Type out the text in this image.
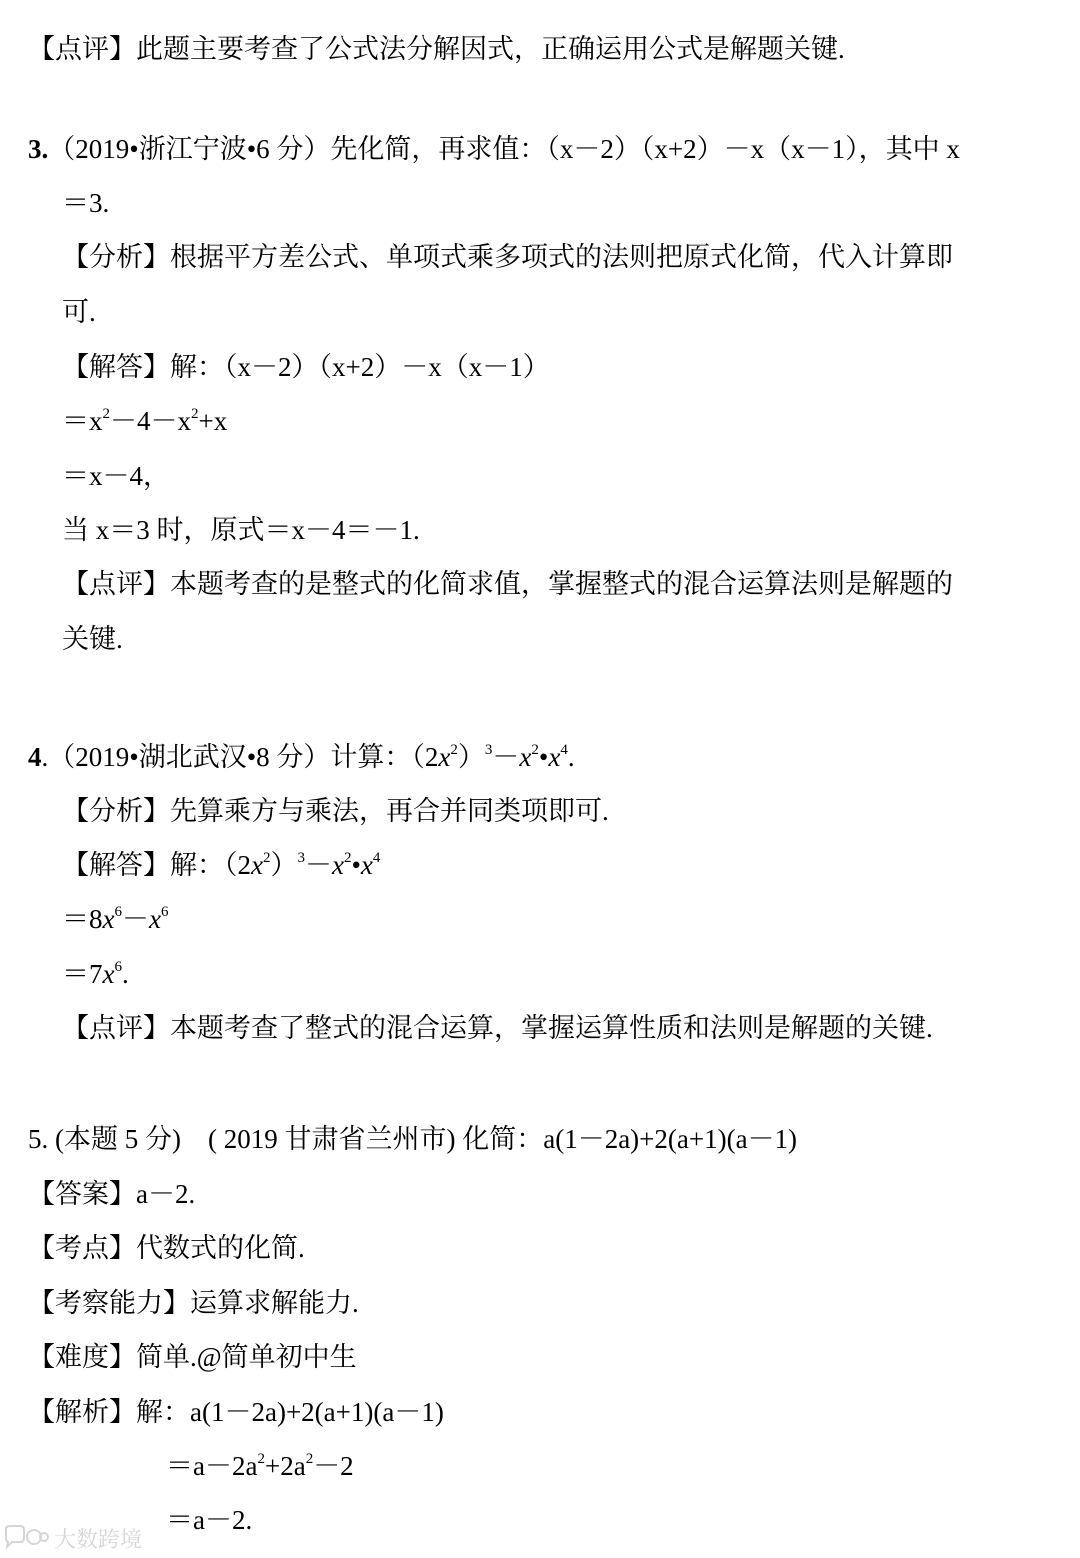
【点评】此题主要考查了公式法分解因式，正确运用公式是解题关键.
3.（2019•浙江宁波•6 分）先化简，再求值：（x－2）（x+2）－x（x－1），其中 x
＝3.
【分析】根据平方差公式、单项式乘多项式的法则把原式化简，代入计算即
可.
【解答】解：（x－2）（x+2）－x（x－1）
$=x^2-4-x^2+x$
＝x－4，
当 x＝3 时，原式＝x－4＝－1.
【点评】本题考查的是整式的化简求值，掌握整式的混合运算法则是解题的
关键.
4.（2019•湖北武汉•8 分）计算：$(2x^2)^3-x^2•x^4$.
【分析】先算乘方与乘法，再合并同类项即可.
【解答】解：$(2x^2)^3-x^2•x^4$
$=8x^6-x^6$
$=7x^6$.
【点评】本题考查了整式的混合运算，掌握运算性质和法则是解题的关键.
5. (本题 5 分)　( 2019 甘肃省兰州市) 化简：a(1－2a)+2(a+1)(a－1)
【答案】a－2.
【考点】代数式的化简.
【考察能力】运算求解能力.
【难度】简单.@简单初中生
【解析】解：a(1－2a)+2(a+1)(a－1)
$=a-2a^2+2a^2-2$
＝a－2.
大数跨境
